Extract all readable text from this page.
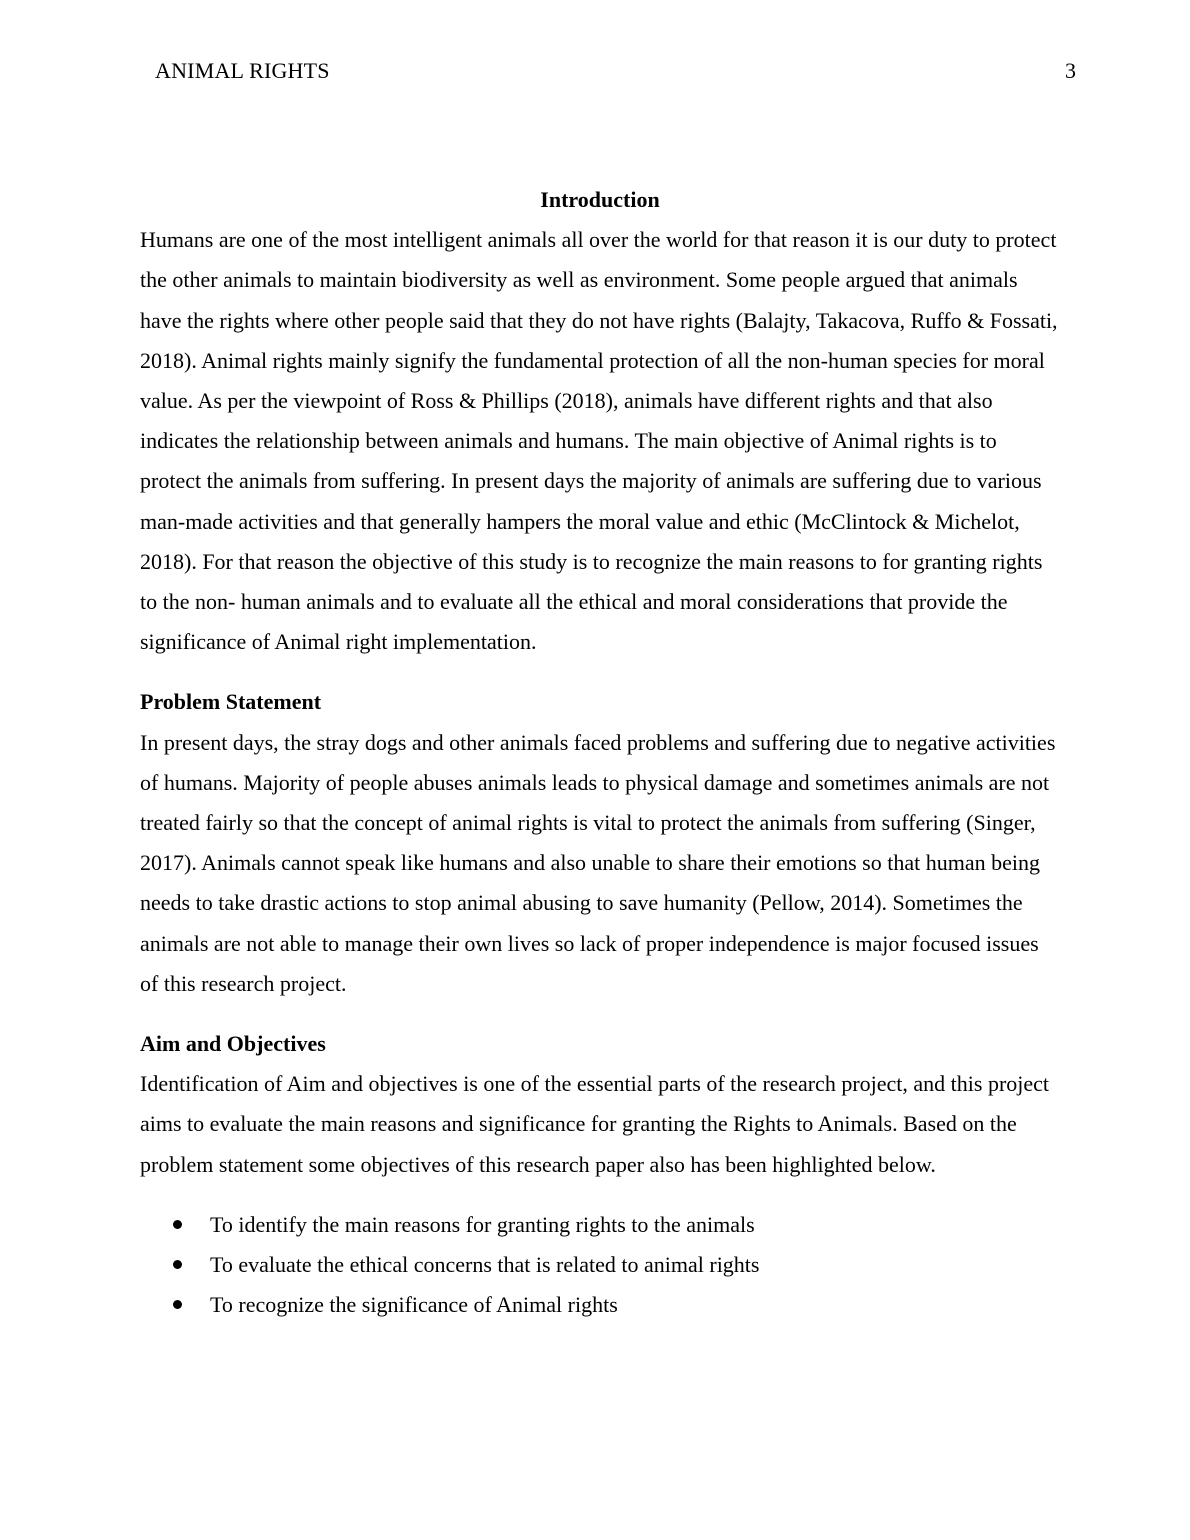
ANIMAL RIGHTS	3
Introduction

Humans are one of the most intelligent animals all over the world for that reason it is our duty to protect the other animals to maintain biodiversity as well as environment. Some people argued that animals have the rights where other people said that they do not have rights (Balajty, Takacova, Ruffo & Fossati, 2018). Animal rights mainly signify the fundamental protection of all the non-human species for moral value. As per the viewpoint of Ross & Phillips (2018), animals have different rights and that also indicates the relationship between animals and humans. The main objective of Animal rights is to protect the animals from suffering. In present days the majority of animals are suffering due to various man-made activities and that generally hampers the moral value and ethic (McClintock & Michelot, 2018). For that reason the objective of this study is to recognize the main reasons to for granting rights to the non- human animals and to evaluate all the ethical and moral considerations that provide the significance of Animal right implementation.

Problem Statement

In present days, the stray dogs and other animals faced problems and suffering due to negative activities of humans. Majority of people abuses animals leads to physical damage and sometimes animals are not treated fairly so that the concept of animal rights is vital to protect the animals from suffering (Singer, 2017). Animals cannot speak like humans and also unable to share their emotions so that human being needs to take drastic actions to stop animal abusing to save humanity (Pellow, 2014). Sometimes the animals are not able to manage their own lives so lack of proper independence is major focused issues of this research project.

Aim and Objectives

Identification of Aim and objectives is one of the essential parts of the research project, and this project aims to evaluate the main reasons and significance for granting the Rights to Animals. Based on the problem statement some objectives of this research paper also has been highlighted below.

To identify the main reasons for granting rights to the animals
To evaluate the ethical concerns that is related to animal rights
To recognize the significance of Animal rights
